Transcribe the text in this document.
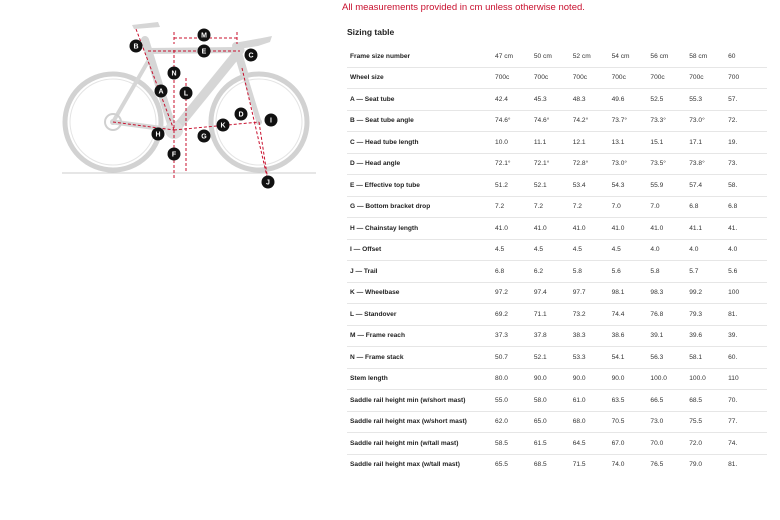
All measurements provided in cm unless otherwise noted.
A
B
C
D
E
F
G
H
I
J
K
L
M
N
Sizing table
Frame size number	47 cm	50 cm	52 cm	54 cm	56 cm	58 cm	60
Wheel size	700c	700c	700c	700c	700c	700c	700
A — Seat tube	42.4	45.3	48.3	49.6	52.5	55.3	57.
B — Seat tube angle	74.6°	74.6°	74.2°	73.7°	73.3°	73.0°	72.
C — Head tube length	10.0	11.1	12.1	13.1	15.1	17.1	19.
D — Head angle	72.1°	72.1°	72.8°	73.0°	73.5°	73.8°	73.
E — Effective top tube	51.2	52.1	53.4	54.3	55.9	57.4	58.
G — Bottom bracket drop	7.2	7.2	7.2	7.0	7.0	6.8	6.8
H — Chainstay length	41.0	41.0	41.0	41.0	41.0	41.1	41.
I — Offset	4.5	4.5	4.5	4.5	4.0	4.0	4.0
J — Trail	6.8	6.2	5.8	5.6	5.8	5.7	5.6
K — Wheelbase	97.2	97.4	97.7	98.1	98.3	99.2	100
L — Standover	69.2	71.1	73.2	74.4	76.8	79.3	81.
M — Frame reach	37.3	37.8	38.3	38.6	39.1	39.6	39.
N — Frame stack	50.7	52.1	53.3	54.1	56.3	58.1	60.
Stem length	80.0	90.0	90.0	90.0	100.0	100.0	110
Saddle rail height min (w/short mast)	55.0	58.0	61.0	63.5	66.5	68.5	70.
Saddle rail height max (w/short mast)	62.0	65.0	68.0	70.5	73.0	75.5	77.
Saddle rail height min (w/tall mast)	58.5	61.5	64.5	67.0	70.0	72.0	74.
Saddle rail height max (w/tall mast)	65.5	68.5	71.5	74.0	76.5	79.0	81.
